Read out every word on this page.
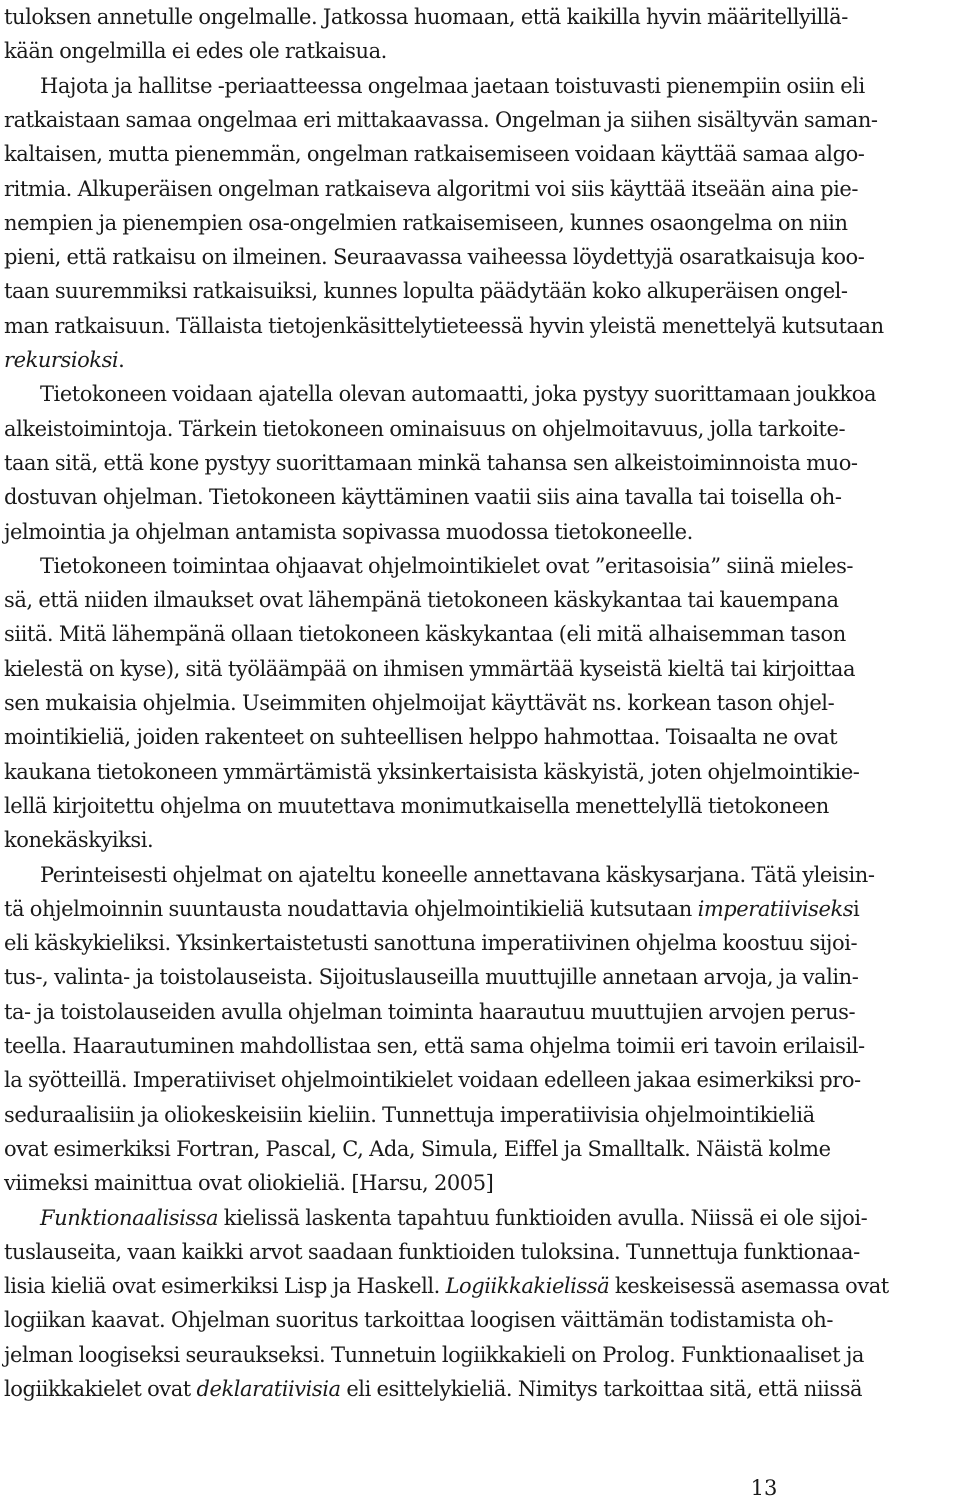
tuloksen annetulle ongelmalle. Jatkossa huomaan, että kaikilla hyvin määritellyillä-
kään ongelmilla ei edes ole ratkaisua.
Hajota ja hallitse -periaatteessa ongelmaa jaetaan toistuvasti pienempiin osiin eli
ratkaistaan samaa ongelmaa eri mittakaavassa. Ongelman ja siihen sisältyvän saman-
kaltaisen, mutta pienemmän, ongelman ratkaisemiseen voidaan käyttää samaa algo-
ritmia. Alkuperäisen ongelman ratkaiseva algoritmi voi siis käyttää itseään aina pie-
nempien ja pienempien osa-ongelmien ratkaisemiseen, kunnes osaongelma on niin
pieni, että ratkaisu on ilmeinen. Seuraavassa vaiheessa löydettyjä osaratkaisuja koo-
taan suuremmiksi ratkaisuiksi, kunnes lopulta päädytään koko alkuperäisen ongel-
man ratkaisuun. Tällaista tietojenkäsittelytieteessä hyvin yleistä menettelyä kutsutaan
rekursioksi.
Tietokoneen voidaan ajatella olevan automaatti, joka pystyy suorittamaan joukkoa
alkeistoimintoja. Tärkein tietokoneen ominaisuus on ohjelmoitavuus, jolla tarkoite-
taan sitä, että kone pystyy suorittamaan minkä tahansa sen alkeistoiminnoista muo-
dostuvan ohjelman. Tietokoneen käyttäminen vaatii siis aina tavalla tai toisella oh-
jelmointia ja ohjelman antamista sopivassa muodossa tietokoneelle.
Tietokoneen toimintaa ohjaavat ohjelmointikielet ovat ”eritasoisia” siinä mieles-
sä, että niiden ilmaukset ovat lähempänä tietokoneen käskykantaa tai kauempana
siitä. Mitä lähempänä ollaan tietokoneen käskykantaa (eli mitä alhaisemman tason
kielestä on kyse), sitä työläämpää on ihmisen ymmärtää kyseistä kieltä tai kirjoittaa
sen mukaisia ohjelmia. Useimmiten ohjelmoijat käyttävät ns. korkean tason ohjel-
mointikieliä, joiden rakenteet on suhteellisen helppo hahmottaa. Toisaalta ne ovat
kaukana tietokoneen ymmärtämistä yksinkertaisista käskyistä, joten ohjelmointikie-
lellä kirjoitettu ohjelma on muutettava monimutkaisella menettelyllä tietokoneen
konekäskyiksi.
Perinteisesti ohjelmat on ajateltu koneelle annettavana käskysarjana. Tätä yleisin-
tä ohjelmoinnin suuntausta noudattavia ohjelmointikieliä kutsutaan imperatiiviseksi
eli käskykieliksi. Yksinkertaistetusti sanottuna imperatiivinen ohjelma koostuu sijoi-
tus-, valinta- ja toistolauseista. Sijoituslauseilla muuttujille annetaan arvoja, ja valin-
ta- ja toistolauseiden avulla ohjelman toiminta haarautuu muuttujien arvojen perus-
teella. Haarautuminen mahdollistaa sen, että sama ohjelma toimii eri tavoin erilaisil-
la syötteillä. Imperatiiviset ohjelmointikielet voidaan edelleen jakaa esimerkiksi pro-
seduraalisiin ja oliokeskeisiin kieliin. Tunnettuja imperatiivisia ohjelmointikieliä
ovat esimerkiksi Fortran, Pascal, C, Ada, Simula, Eiffel ja Smalltalk. Näistä kolme
viimeksi mainittua ovat oliokieliä. [Harsu, 2005]
Funktionaalisissa kielissä laskenta tapahtuu funktioiden avulla. Niissä ei ole sijoi-
tuslauseita, vaan kaikki arvot saadaan funktioiden tuloksina. Tunnettuja funktionaa-
lisia kieliä ovat esimerkiksi Lisp ja Haskell. Logiikkakielissä keskeisessä asemassa ovat
logiikan kaavat. Ohjelman suoritus tarkoittaa loogisen väittämän todistamista oh-
jelman loogiseksi seuraukseksi. Tunnetuin logiikkakieli on Prolog. Funktionaaliset ja
logiikkakielet ovat deklaratiivisia eli esittelykieliä. Nimitys tarkoittaa sitä, että niissä
13
